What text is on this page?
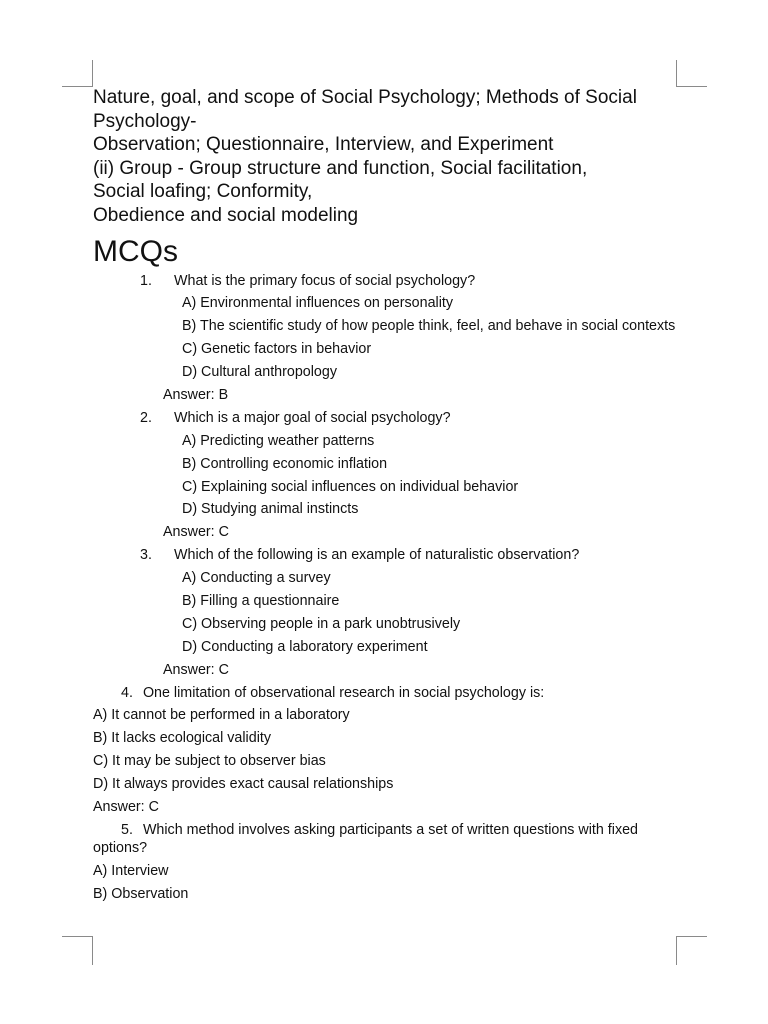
Nature, goal, and scope of Social Psychology; Methods of Social

Psychology-

Observation; Questionnaire, Interview, and Experiment

(ii) Group - Group structure and function, Social facilitation,

Social loafing; Conformity,

Obedience and social modeling

MCQs

1. What is the primary focus of social psychology?

A) Environmental influences on personality

B) The scientific study of how people think, feel, and behave in social contexts

C) Genetic factors in behavior

D) Cultural anthropology

Answer: B

2. Which is a major goal of social psychology?

A) Predicting weather patterns

B) Controlling economic inflation

C) Explaining social influences on individual behavior

D) Studying animal instincts

Answer: C

3. Which of the following is an example of naturalistic observation?

A) Conducting a survey

B) Filling a questionnaire

C) Observing people in a park unobtrusively

D) Conducting a laboratory experiment

Answer: C

4. One limitation of observational research in social psychology is:

A) It cannot be performed in a laboratory

B) It lacks ecological validity

C) It may be subject to observer bias

D) It always provides exact causal relationships

Answer: C

5. Which method involves asking participants a set of written questions with fixed options?

A) Interview

B) Observation
